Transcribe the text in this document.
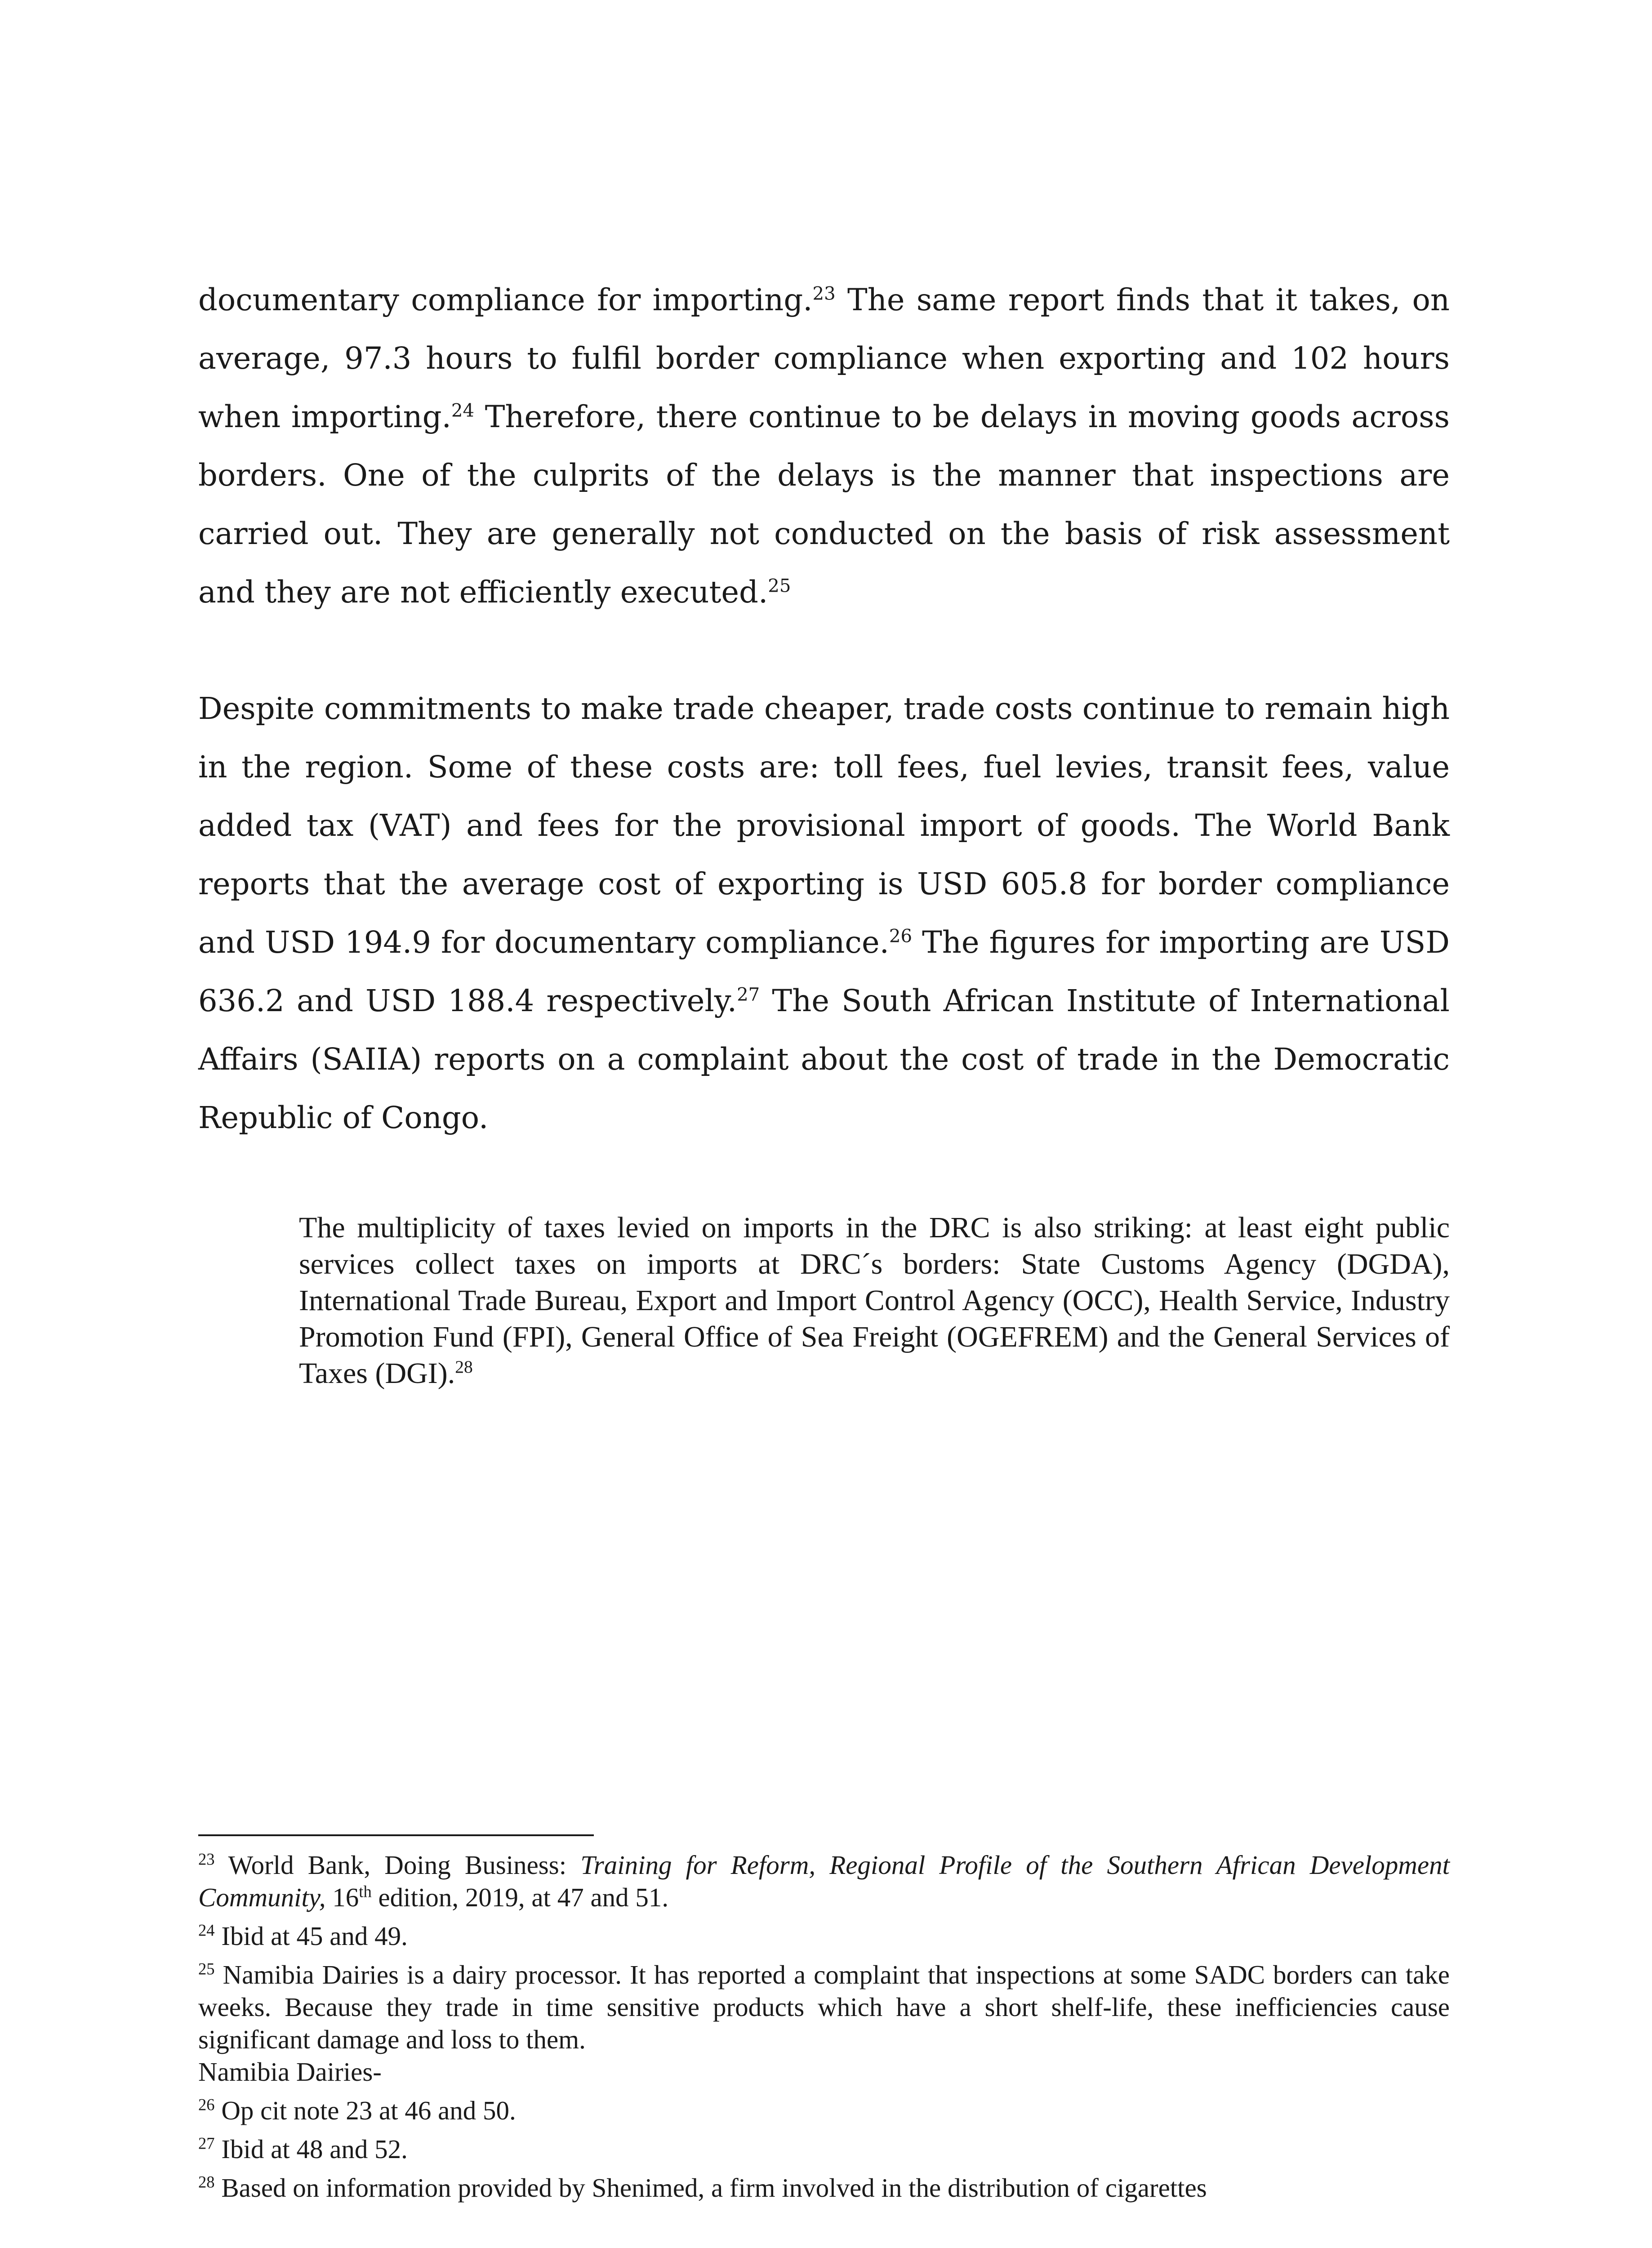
documentary compliance for importing.$^{23}$ The same report finds that it takes, on average, 97.3 hours to fulfil border compliance when exporting and 102 hours when importing.$^{24}$ Therefore, there continue to be delays in moving goods across borders. One of the culprits of the delays is the manner that inspections are carried out. They are generally not conducted on the basis of risk assessment and they are not efficiently executed.$^{25}$

Despite commitments to make trade cheaper, trade costs continue to remain high in the region. Some of these costs are: toll fees, fuel levies, transit fees, value added tax (VAT) and fees for the provisional import of goods. The World Bank reports that the average cost of exporting is USD 605.8 for border compliance and USD 194.9 for documentary compliance.$^{26}$ The figures for importing are USD 636.2 and USD 188.4 respectively.$^{27}$ The South African Institute of International Affairs (SAIIA) reports on a complaint about the cost of trade in the Democratic Republic of Congo.

The multiplicity of taxes levied on imports in the DRC is also striking: at least eight public services collect taxes on imports at DRC´s borders: State Customs Agency (DGDA), International Trade Bureau, Export and Import Control Agency (OCC), Health Service, Industry Promotion Fund (FPI), General Office of Sea Freight (OGEFREM) and the General Services of Taxes (DGI).$^{28}$

$^{23}$ World Bank, Doing Business: Training for Reform, Regional Profile of the Southern African Development Community, 16th edition, 2019, at 47 and 51.

$^{24}$ Ibid at 45 and 49.

$^{25}$ Namibia Dairies is a dairy processor. It has reported a complaint that inspections at some SADC borders can take weeks. Because they trade in time sensitive products which have a short shelf-life, these inefficiencies cause significant damage and loss to them.
Namibia Dairies-

$^{26}$ Op cit note 23 at 46 and 50.

$^{27}$ Ibid at 48 and 52.

$^{28}$ Based on information provided by Shenimed, a firm involved in the distribution of cigarettes
